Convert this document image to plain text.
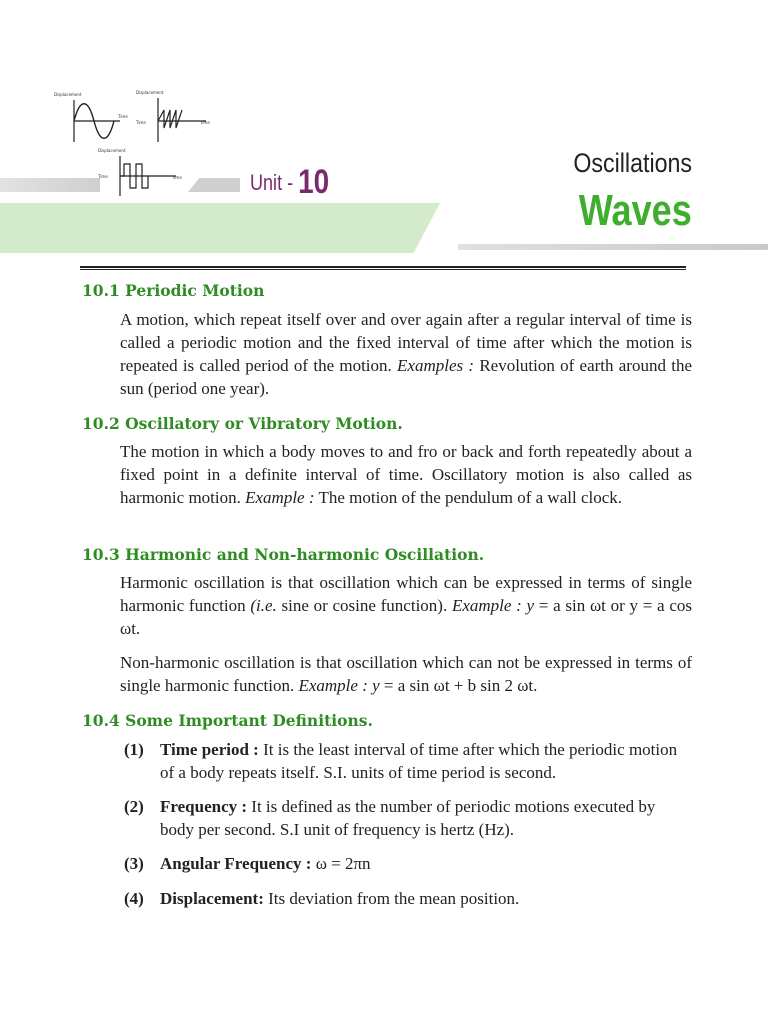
Displacement
Time
Displacement
Time	Time
Displacement
Time	Time	Unit - 10	Oscillations
Waves
10.1 Periodic Motion
A motion, which repeat itself over and over again after a regular interval of time is called a periodic motion and the fixed interval of time after which the motion is repeated is called period of the motion. Examples : Revolution of earth around the sun (period one year).
10.2 Oscillatory or Vibratory Motion.
The motion in which a body moves to and fro or back and forth repeatedly about a fixed point in a definite interval of time. Oscillatory motion is also called as harmonic motion. Example : The motion of the pendulum of a wall clock.
10.3 Harmonic and Non-harmonic Oscillation.
Harmonic oscillation is that oscillation which can be expressed in terms of single harmonic function (i.e. sine or cosine function). Example : y = a sin ωt or y = a cos ωt.
Non-harmonic oscillation is that oscillation which can not be expressed in terms of single harmonic function. Example : y = a sin ωt + b sin 2 ωt.
10.4 Some Important Definitions.
(1) Time period : It is the least interval of time after which the periodic motion of a body repeats itself. S.I. units of time period is second.
(2) Frequency : It is defined as the number of periodic motions executed by body per second. S.I unit of frequency is hertz (Hz).
(3) Angular Frequency : ω = 2πn
(4) Displacement: Its deviation from the mean position.
